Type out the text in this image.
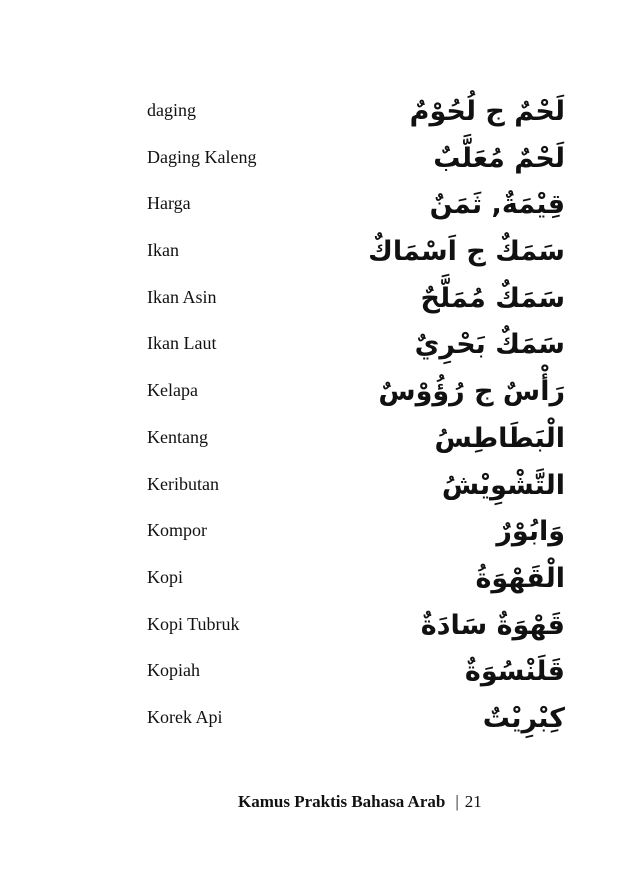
daging	لَحْمٌ ج لُحُوْمٌ
Daging Kaleng	لَحْمٌ مُعَلَّبٌ
Harga	قِيْمَةٌ, ثَمَنٌ
Ikan	سَمَكٌ ج اَسْمَاكٌ
Ikan Asin	سَمَكٌ مُمَلَّحٌ
Ikan Laut	سَمَكٌ بَحْرِيٌ
Kelapa	رَأْسٌ ج رُؤُوْسٌ
Kentang	الْبَطَاطِسُ
Keributan	التَّشْوِيْشُ
Kompor	وَابُوْرٌ
Kopi	الْقَهْوَةُ
Kopi Tubruk	قَهْوَةٌ سَادَةٌ
Kopiah	قَلَنْسُوَةٌ
Korek Api	كِبْرِيْتٌ
Kamus Praktis Bahasa Arab | 21
